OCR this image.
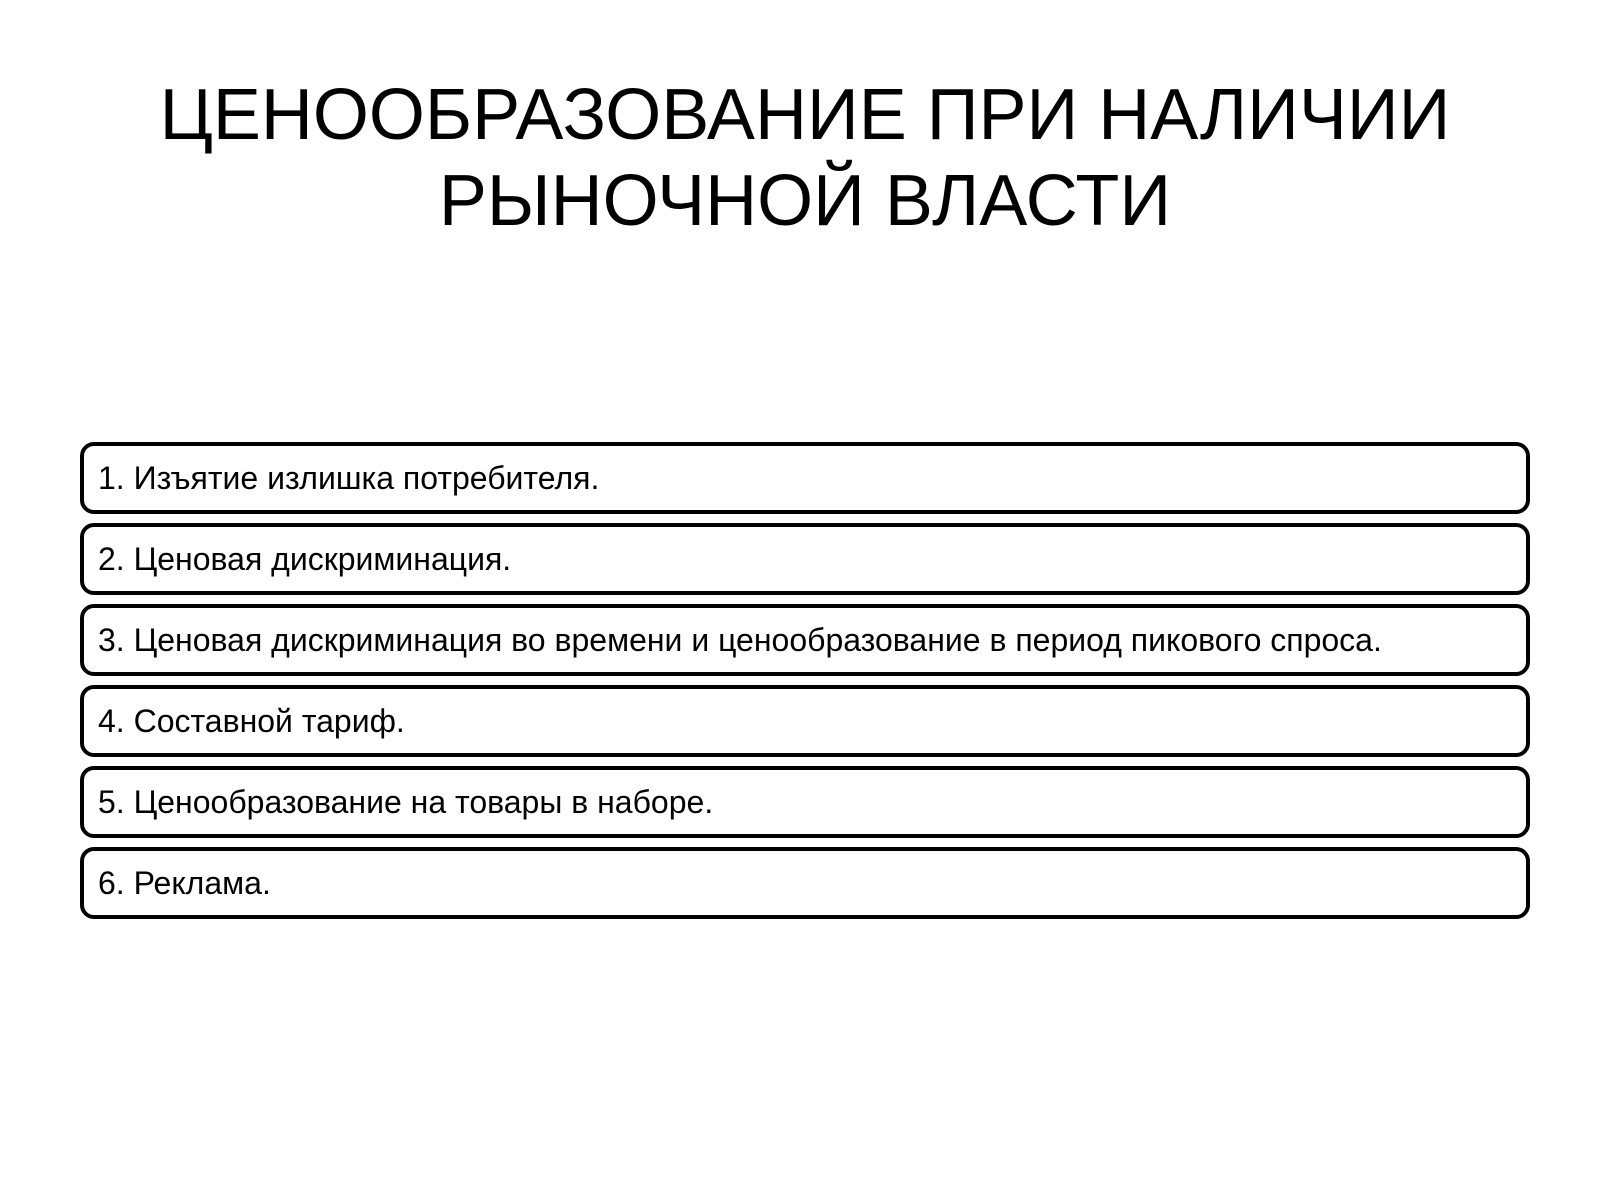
ЦЕНООБРАЗОВАНИЕ ПРИ НАЛИЧИИ
РЫНОЧНОЙ ВЛАСТИ
1. Изъятие излишка потребителя.
2. Ценовая дискриминация.
3. Ценовая дискриминация во времени и ценообразование в период пикового спроса.
4. Составной тариф.
5. Ценообразование на товары в наборе.
6. Реклама.
